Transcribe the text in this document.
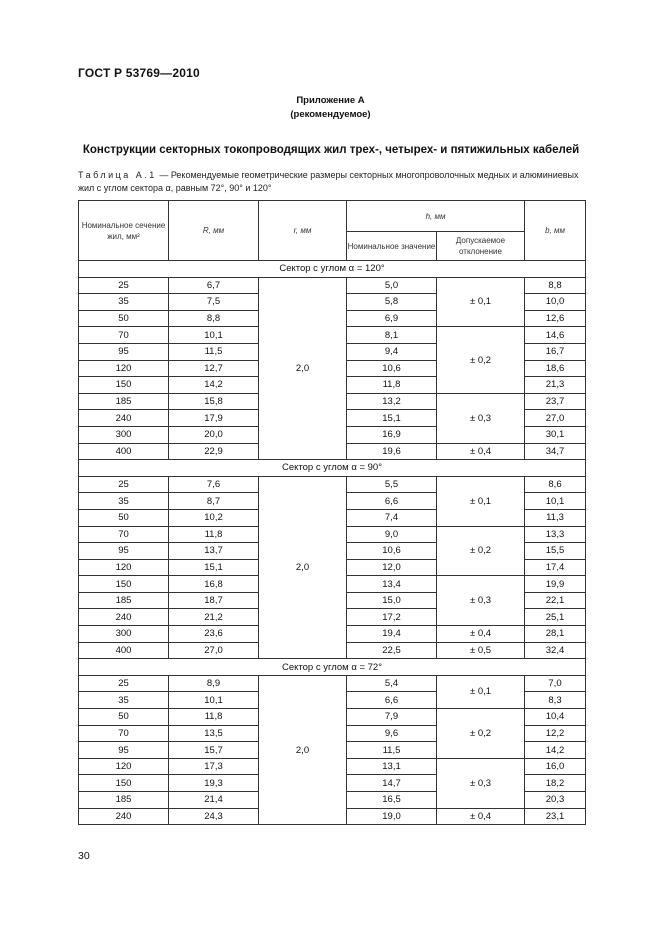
ГОСТ Р 53769—2010
Приложение А
(рекомендуемое)
Конструкции секторных токопроводящих жил трех-, четырех- и пятижильных кабелей
Таблица А.1 — Рекомендуемые геометрические размеры секторных многопроволочных медных и алюминиевых жил с углом сектора α, равным 72°, 90° и 120°
Номинальное сечение жил, мм²	R, мм	r, мм	h, мм		b, мм
			Номинальное значение	Допускаемое отклонение	
Сектор с углом α = 120°					
25	6,7	2,0	5,0	± 0,1	8,8
35	7,5		5,8		10,0
50	8,8		6,9		12,6
70	10,1		8,1	± 0,2	14,6
95	11,5		9,4		16,7
120	12,7		10,6		18,6
150	14,2		11,8		21,3
185	15,8		13,2	± 0,3	23,7
240	17,9		15,1		27,0
300	20,0		16,9		30,1
400	22,9		19,6	± 0,4	34,7
Сектор с углом α = 90°					
25	7,6	2,0	5,5	± 0,1	8,6
35	8,7		6,6		10,1
50	10,2		7,4		11,3
70	11,8		9,0	± 0,2	13,3
95	13,7		10,6		15,5
120	15,1		12,0		17,4
150	16,8		13,4	± 0,3	19,9
185	18,7		15,0		22,1
240	21,2		17,2		25,1
300	23,6		19,4	± 0,4	28,1
400	27,0		22,5	± 0,5	32,4
Сектор с углом α = 72°					
25	8,9	2,0	5,4	± 0,1	7,0
35	10,1		6,6		8,3
50	11,8		7,9	± 0,2	10,4
70	13,5		9,6		12,2
95	15,7		11,5		14,2
120	17,3		13,1	± 0,3	16,0
150	19,3		14,7		18,2
185	21,4		16,5		20,3
240	24,3		19,0	± 0,4	23,1
30
